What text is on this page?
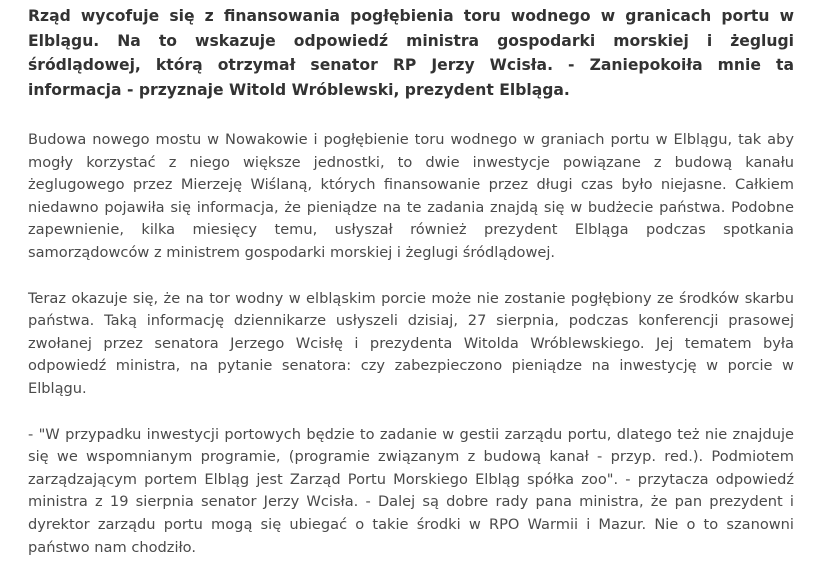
Rząd wycofuje się z finansowania pogłębienia toru wodnego w granicach portu w Elblągu. Na to wskazuje odpowiedź ministra gospodarki morskiej i żeglugi śródlądowej, którą otrzymał senator RP Jerzy Wcisła. - Zaniepokoiła mnie ta informacja - przyznaje Witold Wróblewski, prezydent Elbląga.

Budowa nowego mostu w Nowakowie i pogłębienie toru wodnego w graniach portu w Elblągu, tak aby mogły korzystać z niego większe jednostki, to dwie inwestycje powiązane z budową kanału żeglugowego przez Mierzeję Wiślaną, których finansowanie przez długi czas było niejasne. Całkiem niedawno pojawiła się informacja, że pieniądze na te zadania znajdą się w budżecie państwa. Podobne zapewnienie, kilka miesięcy temu, usłyszał również prezydent Elbląga podczas spotkania samorządowców z ministrem gospodarki morskiej i żeglugi śródlądowej.

Teraz okazuje się, że na tor wodny w elbląskim porcie może nie zostanie pogłębiony ze środków skarbu państwa. Taką informację dziennikarze usłyszeli dzisiaj, 27 sierpnia, podczas konferencji prasowej zwołanej przez senatora Jerzego Wcisłę i prezydenta Witolda Wróblewskiego. Jej tematem była odpowiedź ministra, na pytanie senatora: czy zabezpieczono pieniądze na inwestycję w porcie w Elblągu.

- "W przypadku inwestycji portowych będzie to zadanie w gestii zarządu portu, dlatego też nie znajduje się we wspomnianym programie, (programie związanym z budową kanał - przyp. red.). Podmiotem zarządzającym portem Elbląg jest Zarząd Portu Morskiego Elbląg spółka zoo". - przytacza odpowiedź ministra z 19 sierpnia senator Jerzy Wcisła. - Dalej są dobre rady pana ministra, że pan prezydent i dyrektor zarządu portu mogą się ubiegać o takie środki w RPO Warmii i Mazur. Nie o to szanowni państwo nam chodziło.
